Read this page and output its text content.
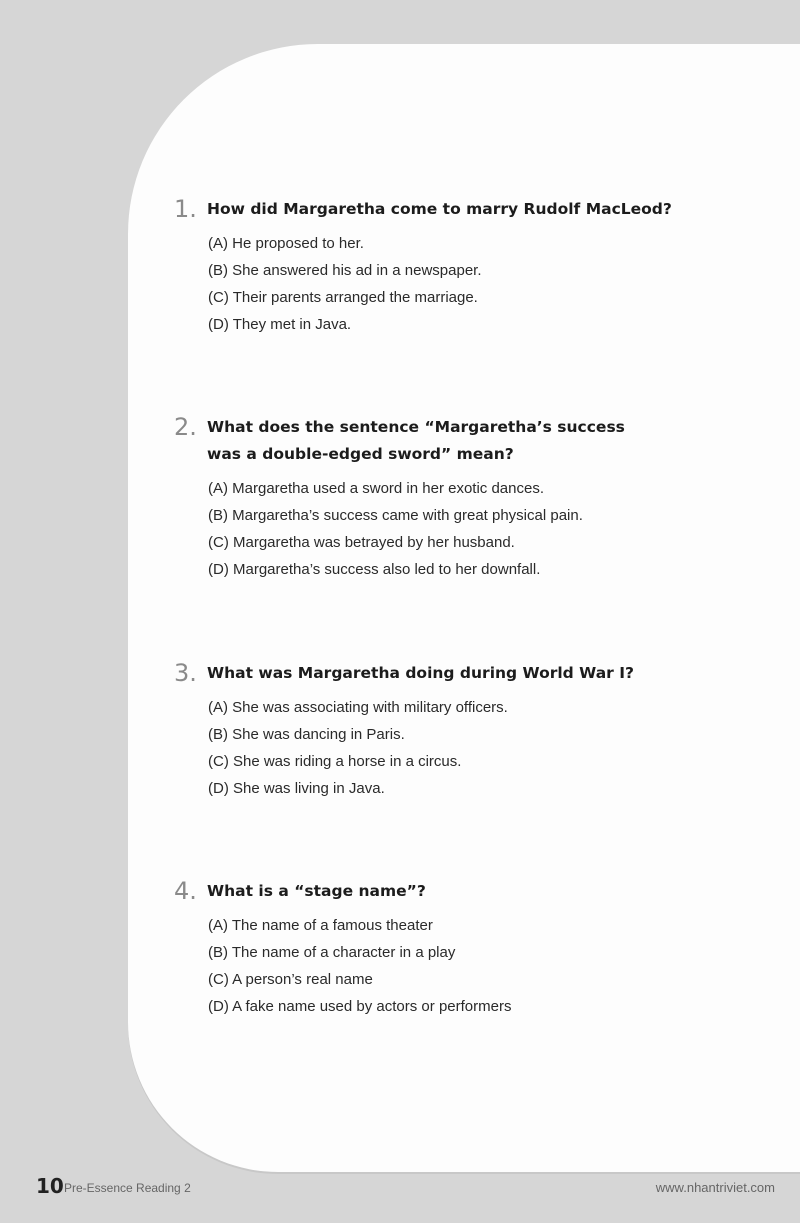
1. How did Margaretha come to marry Rudolf MacLeod?
(A) He proposed to her.
(B) She answered his ad in a newspaper.
(C) Their parents arranged the marriage.
(D) They met in Java.
2. What does the sentence “Margaretha’s success was a double-edged sword” mean?
(A) Margaretha used a sword in her exotic dances.
(B) Margaretha’s success came with great physical pain.
(C) Margaretha was betrayed by her husband.
(D) Margaretha’s success also led to her downfall.
3. What was Margaretha doing during World War I?
(A) She was associating with military officers.
(B) She was dancing in Paris.
(C) She was riding a horse in a circus.
(D) She was living in Java.
4. What is a “stage name”?
(A) The name of a famous theater
(B) The name of a character in a play
(C) A person’s real name
(D) A fake name used by actors or performers
10 Pre-Essence Reading 2	www.nhantriviet.com
